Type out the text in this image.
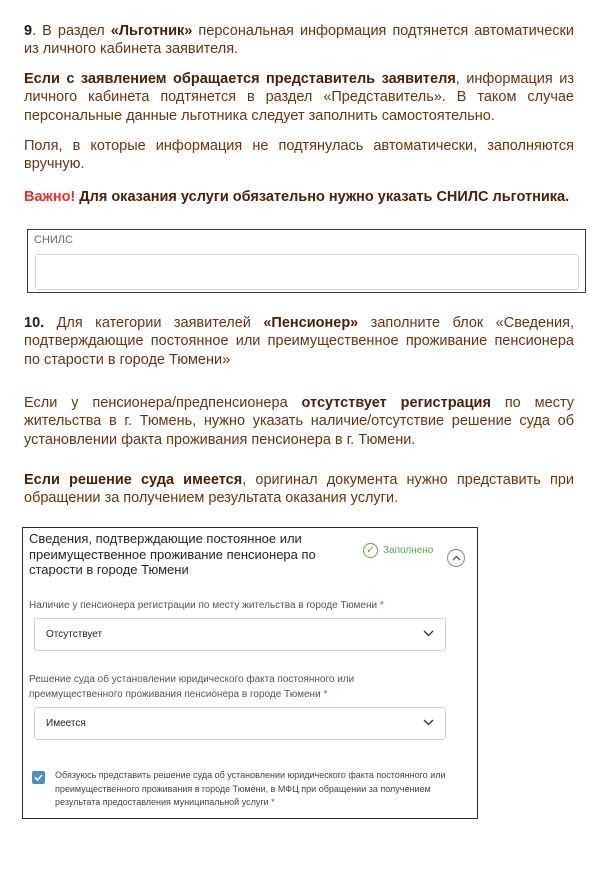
9. В раздел «Льготник» персональная информация подтянется автоматически из личного кабинета заявителя.

Если с заявлением обращается представитель заявителя, информация из личного кабинета подтянется в раздел «Представитель». В таком случае персональные данные льготника следует заполнить самостоятельно.

Поля, в которые информация не подтянулась автоматически, заполняются вручную.

Важно! Для оказания услуги обязательно нужно указать СНИЛС льготника.

СНИЛС

10. Для категории заявителей «Пенсионер» заполните блок «Сведения, подтверждающие постоянное или преимущественное проживание пенсионера по старости в городе Тюмени»

Если у пенсионера/предпенсионера отсутствует регистрация по месту жительства в г. Тюмень, нужно указать наличие/отсутствие решение суда об установлении факта проживания пенсионера в г. Тюмени.

Если решение суда имеется, оригинал документа нужно представить при обращении за получением результата оказания услуги.

Сведения, подтверждающие постоянное или преимущественное проживание пенсионера по старости в городе Тюмени
✓ Заполнено
Наличие у пенсионера регистрации по месту жительства в городе Тюмени *
Отсутствует
Решение суда об установлении юридического факта постоянного или преимущественного проживания пенсионера в городе Тюмени *
Имеется
Обязуюсь представить решение суда об установлении юридического факта постоянного или преимущественного проживания в городе Тюмени, в МФЦ при обращении за получением результата предоставления муниципальной услуги *
